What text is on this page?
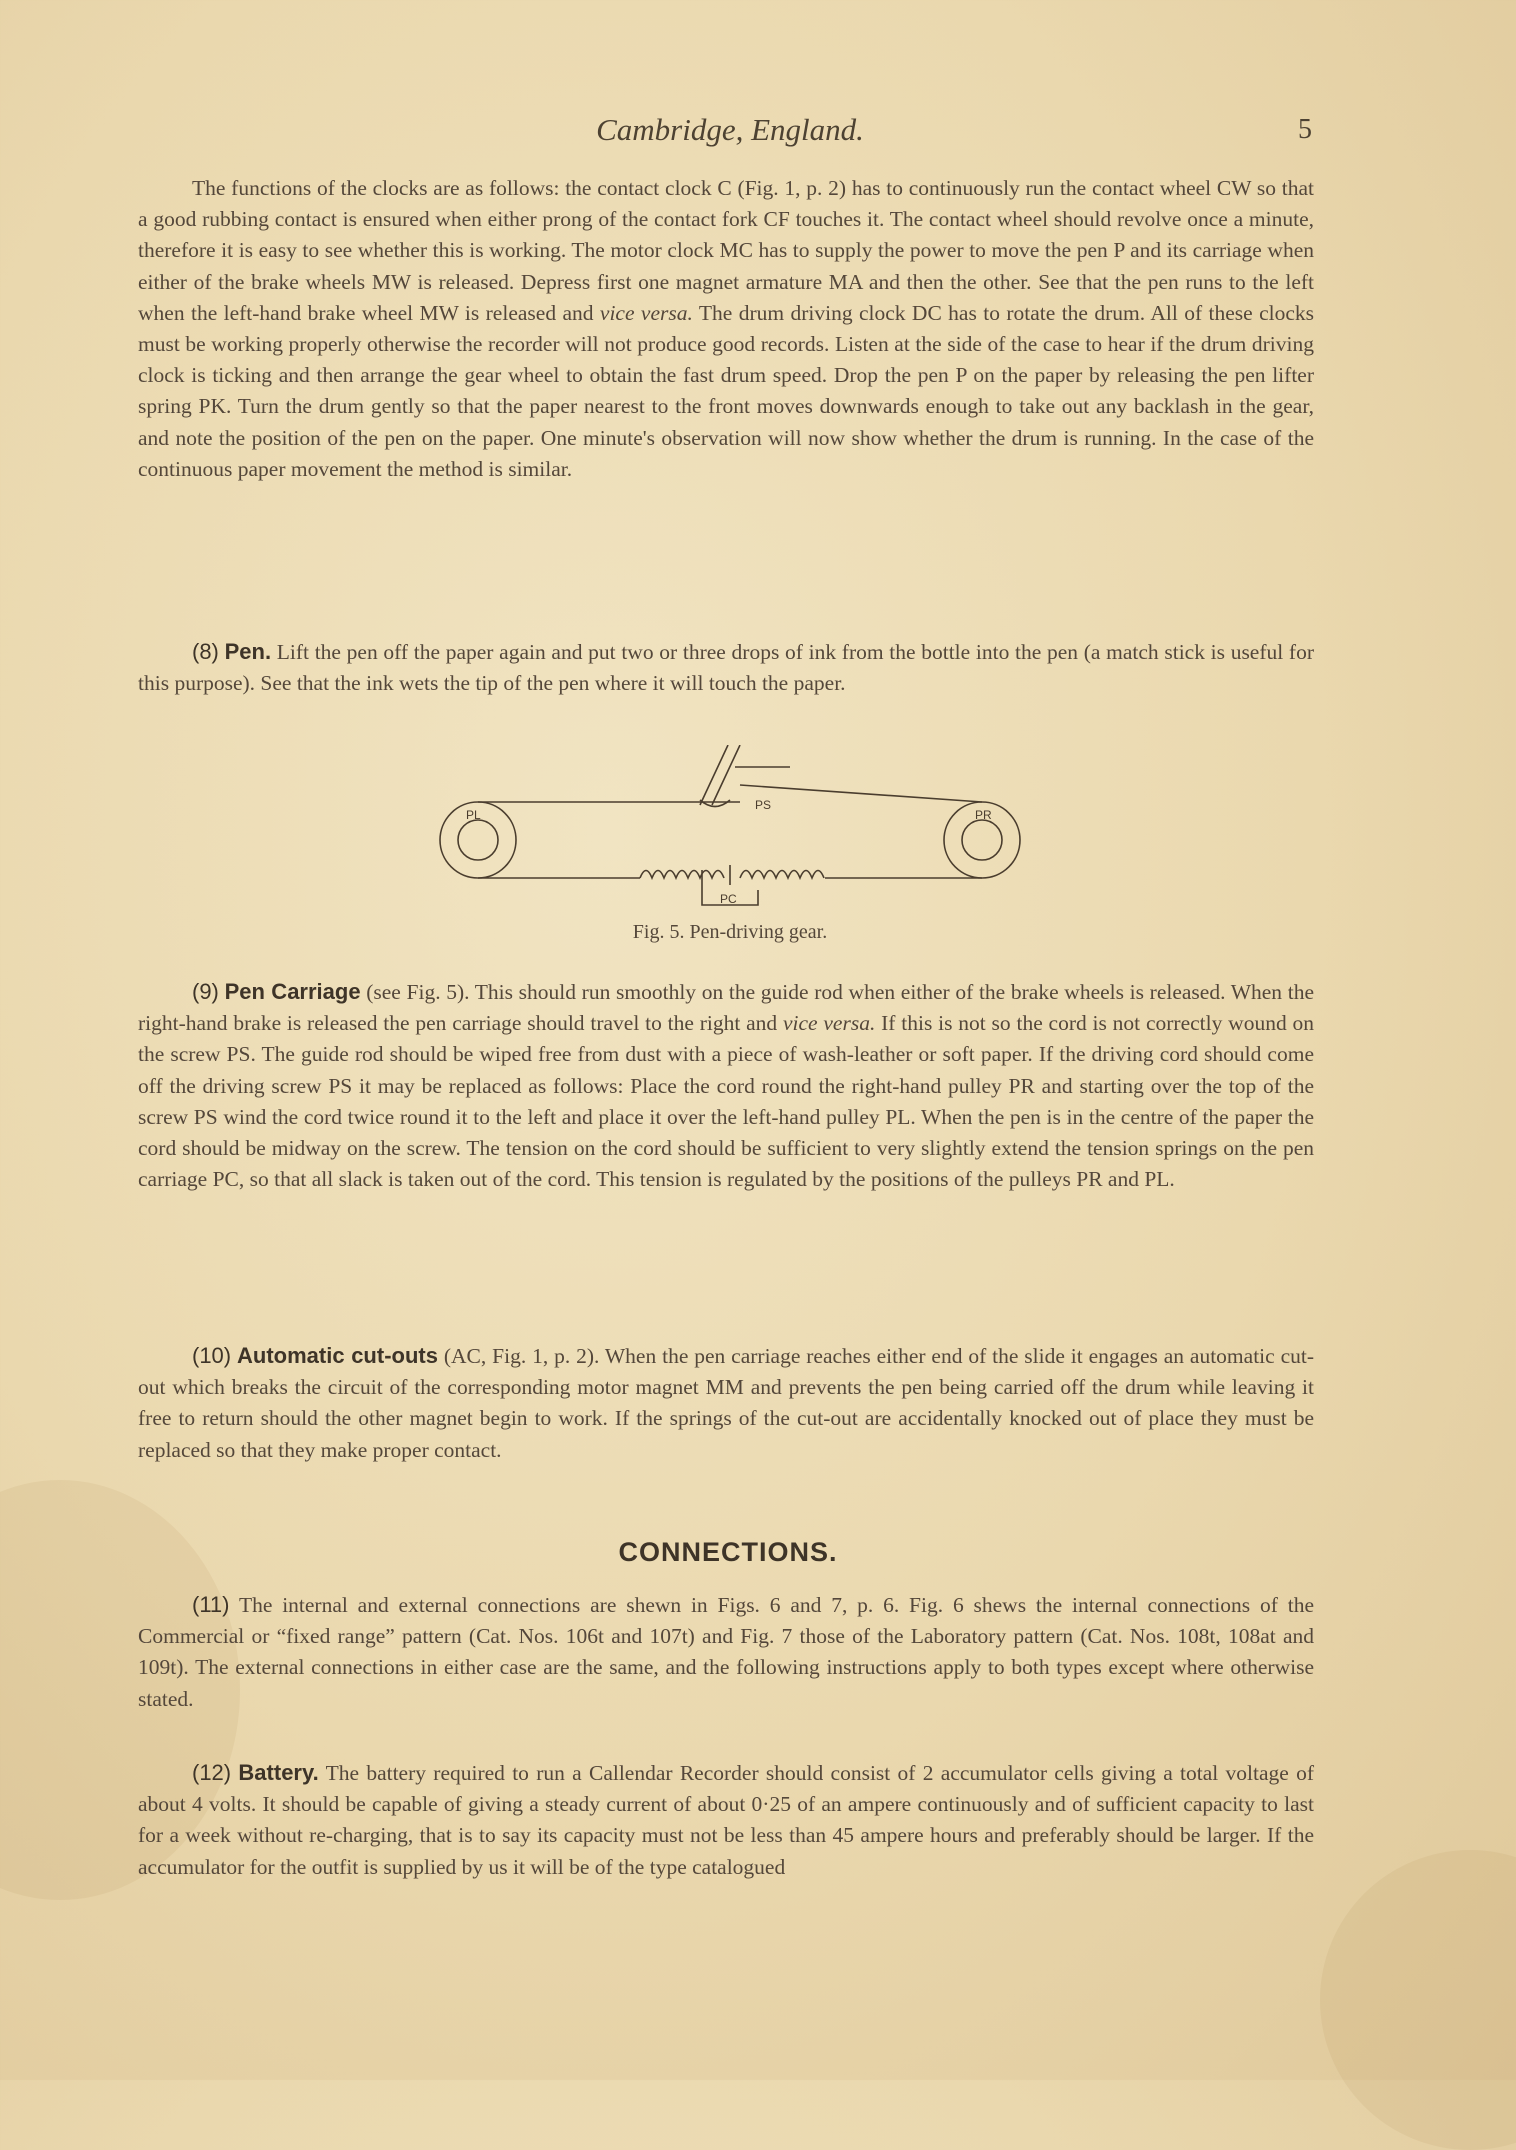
Cambridge, England.	5

The functions of the clocks are as follows: the contact clock C (Fig. 1, p. 2) has to continuously run the contact wheel CW so that a good rubbing contact is ensured when either prong of the contact fork CF touches it. The contact wheel should revolve once a minute, therefore it is easy to see whether this is working. The motor clock MC has to supply the power to move the pen P and its carriage when either of the brake wheels MW is released. Depress first one magnet armature MA and then the other. See that the pen runs to the left when the left-hand brake wheel MW is released and vice versa. The drum driving clock DC has to rotate the drum. All of these clocks must be working properly otherwise the recorder will not produce good records. Listen at the side of the case to hear if the drum driving clock is ticking and then arrange the gear wheel to obtain the fast drum speed. Drop the pen P on the paper by releasing the pen lifter spring PK. Turn the drum gently so that the paper nearest to the front moves downwards enough to take out any backlash in the gear, and note the position of the pen on the paper. One minute's observation will now show whether the drum is running. In the case of the continuous paper movement the method is similar.

(8) Pen. Lift the pen off the paper again and put two or three drops of ink from the bottle into the pen (a match stick is useful for this purpose). See that the ink wets the tip of the pen where it will touch the paper.

PL
PS
PR
PC
Fig. 5. Pen-driving gear.

(9) Pen Carriage (see Fig. 5). This should run smoothly on the guide rod when either of the brake wheels is released. When the right-hand brake is released the pen carriage should travel to the right and vice versa. If this is not so the cord is not correctly wound on the screw PS. The guide rod should be wiped free from dust with a piece of wash-leather or soft paper. If the driving cord should come off the driving screw PS it may be replaced as follows: Place the cord round the right-hand pulley PR and starting over the top of the screw PS wind the cord twice round it to the left and place it over the left-hand pulley PL. When the pen is in the centre of the paper the cord should be midway on the screw. The tension on the cord should be sufficient to very slightly extend the tension springs on the pen carriage PC, so that all slack is taken out of the cord. This tension is regulated by the positions of the pulleys PR and PL.

(10) Automatic cut-outs (AC, Fig. 1, p. 2). When the pen carriage reaches either end of the slide it engages an automatic cut-out which breaks the circuit of the corresponding motor magnet MM and prevents the pen being carried off the drum while leaving it free to return should the other magnet begin to work. If the springs of the cut-out are accidentally knocked out of place they must be replaced so that they make proper contact.

CONNECTIONS.

(11) The internal and external connections are shewn in Figs. 6 and 7, p. 6. Fig. 6 shews the internal connections of the Commercial or “fixed range” pattern (Cat. Nos. 106t and 107t) and Fig. 7 those of the Laboratory pattern (Cat. Nos. 108t, 108at and 109t). The external connections in either case are the same, and the following instructions apply to both types except where otherwise stated.

(12) Battery. The battery required to run a Callendar Recorder should consist of 2 accumulator cells giving a total voltage of about 4 volts. It should be capable of giving a steady current of about 0·25 of an ampere continuously and of sufficient capacity to last for a week without re-charging, that is to say its capacity must not be less than 45 ampere hours and preferably should be larger. If the accumulator for the outfit is supplied by us it will be of the type catalogued
